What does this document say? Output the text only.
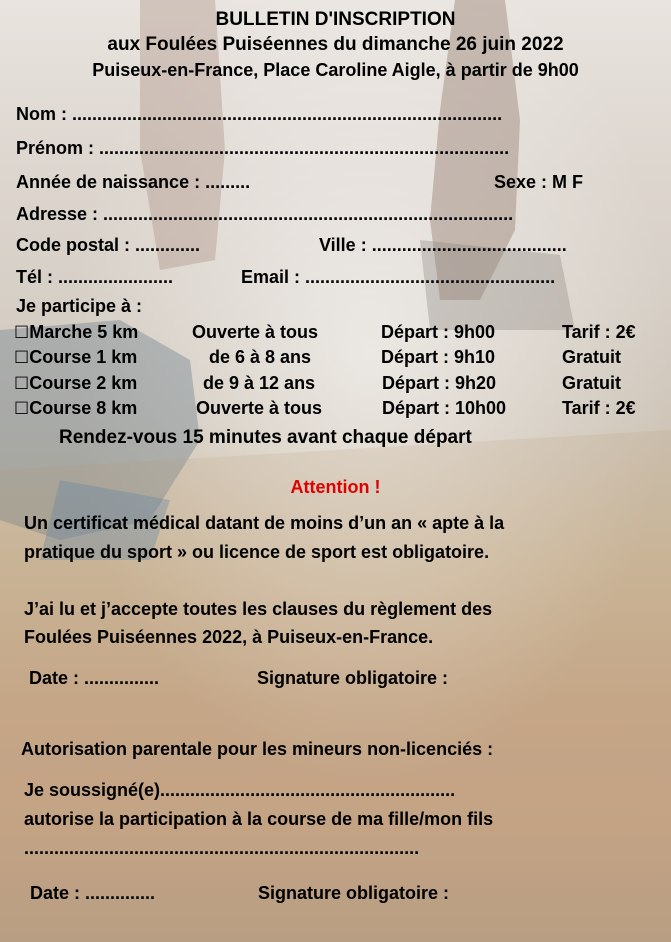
BULLETIN D'INSCRIPTION
aux Foulées Puiséennes du dimanche 26 juin 2022
Puiseux-en-France, Place Caroline Aigle, à partir de 9h00
Nom : ......................................................................................
Prénom : ..................................................................................
Année de naissance : .........	Sexe : M F
Adresse : ..................................................................................
Code postal : .............	Ville : .......................................
Tél : .......................	Email : ..................................................
Je participe à :
☐Marche 5 km	Ouverte à tous	Départ : 9h00	Tarif : 2€
☐Course 1 km	de 6 à 8 ans	Départ : 9h10	Gratuit
☐Course 2 km	de 9 à 12 ans	Départ : 9h20	Gratuit
☐Course 8 km	Ouverte à tous	Départ : 10h00	Tarif : 2€
Rendez-vous 15 minutes avant chaque départ
Attention !
Un certificat médical datant de moins d’un an « apte à la
pratique du sport » ou licence de sport est obligatoire.
J’ai lu et j’accepte toutes les clauses du règlement des
Foulées Puiséennes 2022, à Puiseux-en-France.
Date : ...............	Signature obligatoire :
Autorisation parentale pour les mineurs non-licenciés :
Je soussigné(e)...........................................................
autorise la participation à la course de ma fille/mon fils
...............................................................................
Date : ..............	Signature obligatoire :
